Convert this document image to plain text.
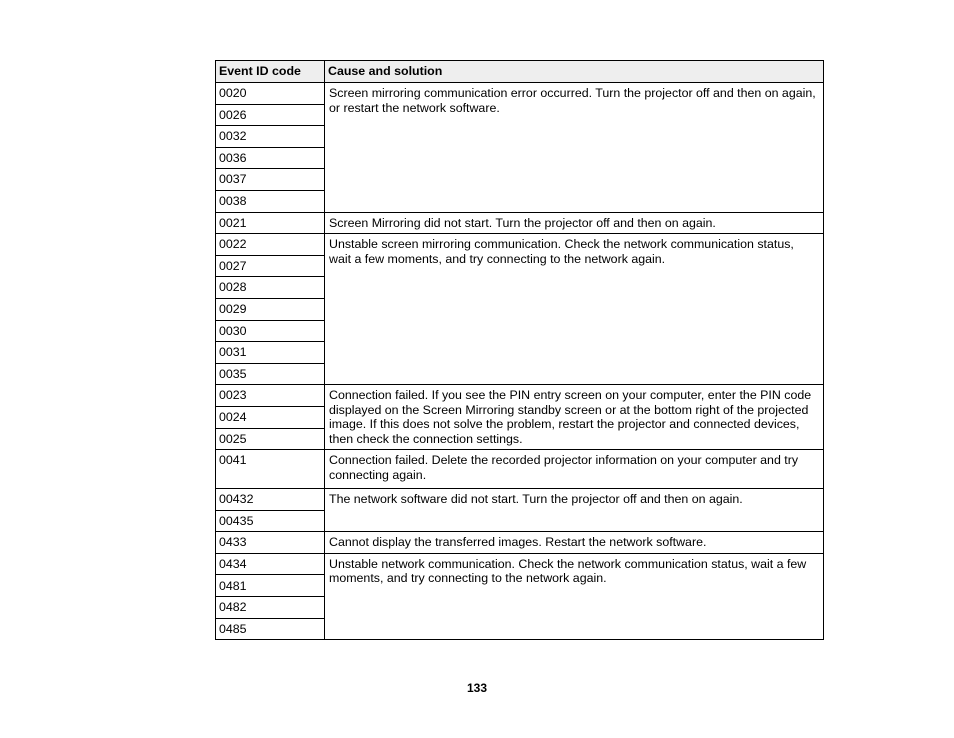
Event ID code	Cause and solution
0020	Screen mirroring communication error occurred. Turn the projector off and then on again, or restart the network software.
0026	
0032	
0036	
0037	
0038	
0021	Screen Mirroring did not start. Turn the projector off and then on again.
0022	Unstable screen mirroring communication. Check the network communication status, wait a few moments, and try connecting to the network again.
0027	
0028	
0029	
0030	
0031	
0035	
0023	Connection failed. If you see the PIN entry screen on your computer, enter the PIN code displayed on the Screen Mirroring standby screen or at the bottom right of the projected image. If this does not solve the problem, restart the projector and connected devices, then check the connection settings.
0024	
0025	
0041	Connection failed. Delete the recorded projector information on your computer and try connecting again.
00432	The network software did not start. Turn the projector off and then on again.
00435	
0433	Cannot display the transferred images. Restart the network software.
0434	Unstable network communication. Check the network communication status, wait a few moments, and try connecting to the network again.
0481	
0482	
0485	
133
